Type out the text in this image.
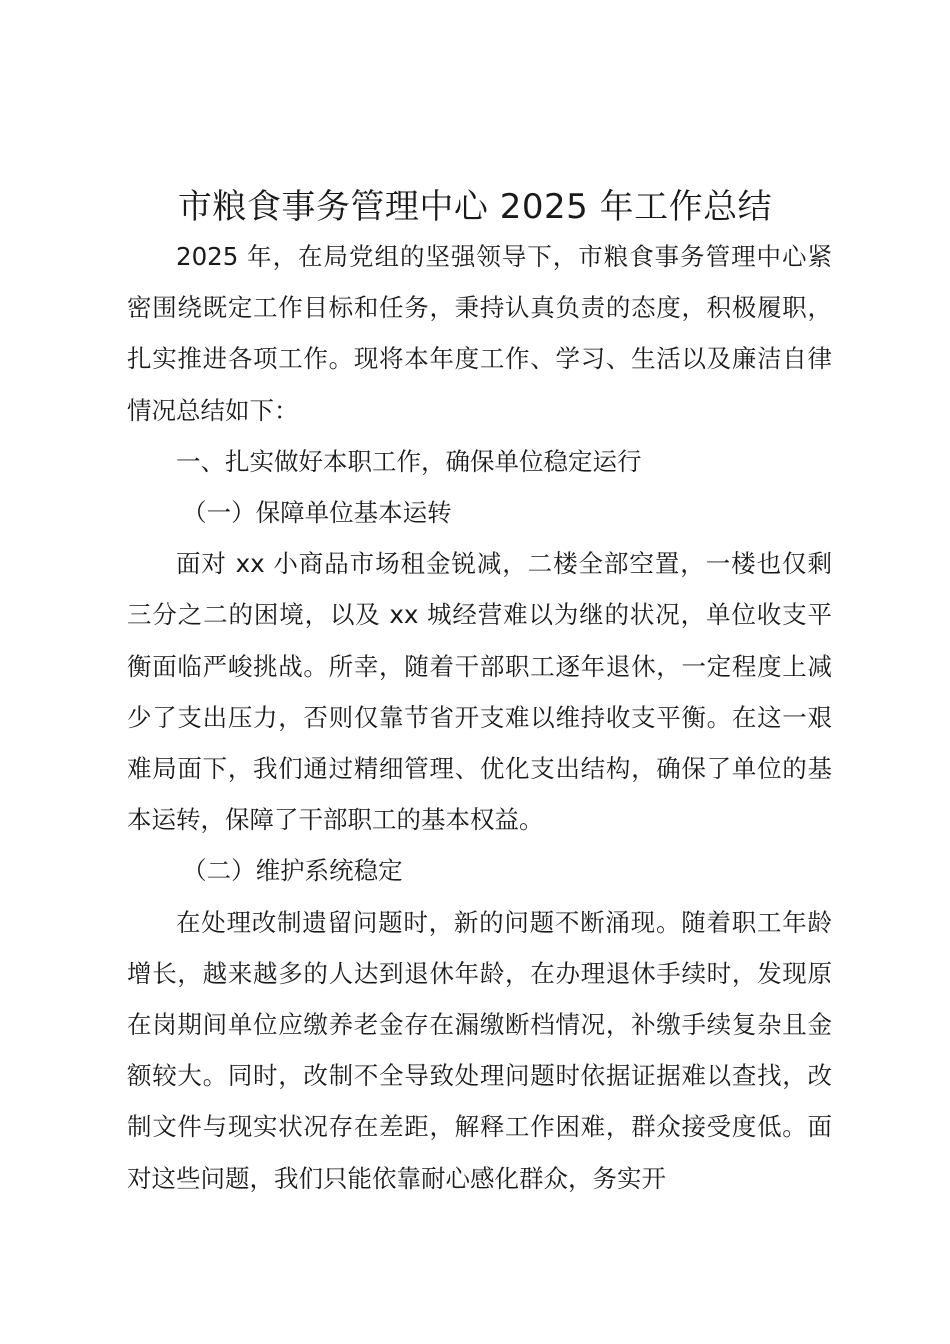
市粮食事务管理中心 2025 年工作总结

2025 年，在局党组的坚强领导下，市粮食事务管理中心紧密围绕既定工作目标和任务，秉持认真负责的态度，积极履职，扎实推进各项工作。现将本年度工作、学习、生活以及廉洁自律情况总结如下：

一、扎实做好本职工作，确保单位稳定运行

（一）保障单位基本运转

面对 xx 小商品市场租金锐减，二楼全部空置，一楼也仅剩三分之二的困境，以及 xx 城经营难以为继的状况，单位收支平衡面临严峻挑战。所幸，随着干部职工逐年退休，一定程度上减少了支出压力，否则仅靠节省开支难以维持收支平衡。在这一艰难局面下，我们通过精细管理、优化支出结构，确保了单位的基本运转，保障了干部职工的基本权益。

（二）维护系统稳定

在处理改制遗留问题时，新的问题不断涌现。随着职工年龄增长，越来越多的人达到退休年龄，在办理退休手续时，发现原在岗期间单位应缴养老金存在漏缴断档情况，补缴手续复杂且金额较大。同时，改制不全导致处理问题时依据证据难以查找，改制文件与现实状况存在差距，解释工作困难，群众接受度低。面对这些问题，我们只能依靠耐心感化群众，务实开
